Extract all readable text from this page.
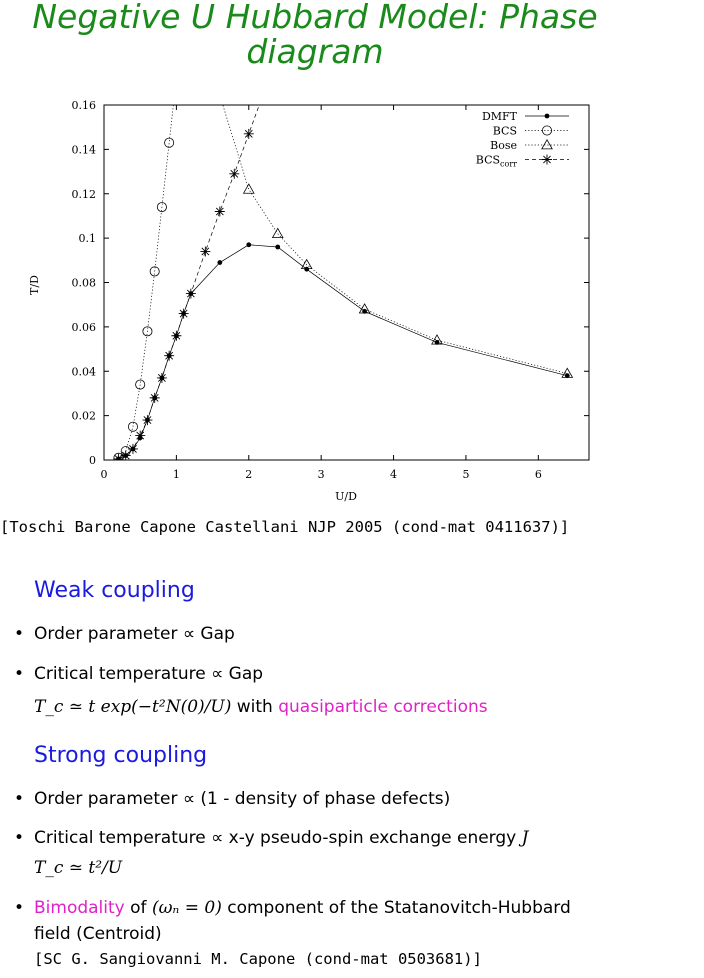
Negative U Hubbard Model: Phase
diagram
0	1	2	3	4	5	6
0
0.02
0.04
0.06
0.08
0.1
0.12
0.14
0.16
DMFT
BCS
Bose
$BCS_{corr}$
U/D
T/D
[Toschi Barone Capone Castellani NJP 2005 (cond-mat 0411637)]
Weak coupling
• Order parameter ∝ Gap
• Critical temperature ∝ Gap
T_c ≃ t exp(−t²N(0)/U) with quasiparticle corrections
Strong coupling
• Order parameter ∝ (1 - density of phase defects)
• Critical temperature ∝ x-y pseudo-spin exchange energy J
T_c ≃ t²/U
• Bimodality of (ωₙ = 0) component of the Statanovitch-Hubbard
field (Centroid)
[SC G. Sangiovanni M. Capone (cond-mat 0503681)]
